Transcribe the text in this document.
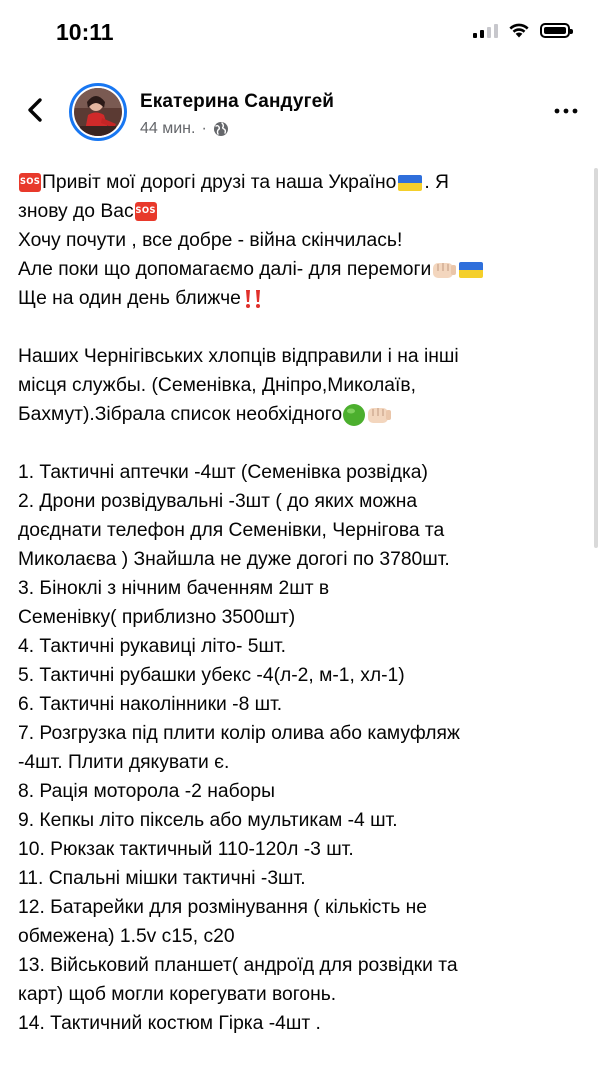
10:11
Екатерина Сандугей
44 мин. ·
SOS Привіт мої дорогі друзі та наша Україно . Я
знову до Вас SOS
Хочу почути , все добре - війна скінчилась!
Але поки що допомагаємо далі- для перемоги
Ще на один день ближче
Наших Чернігівських хлопців відправили і на інші
місця службы. (Семенівка, Дніпро,Миколаїв,
Бахмут).Зібрала список необхідного
1. Тактичні аптечки -4шт (Семенівка розвідка)
2. Дрони розвідувальні -3шт ( до яких можна
доєднати телефон для Семенівки, Чернігова та
Миколаєва ) Знайшла не дуже догогі по 3780шт.
3. Біноклі з нічним баченням 2шт в
Семенівку( приблизно 3500шт)
4. Тактичні рукавиці літо- 5шт.
5. Тактичні рубашки убекс -4(л-2, м-1, хл-1)
6. Тактичні наколінники -8 шт.
7. Розгрузка під плити колір олива або камуфляж
-4шт. Плити дякувати є.
8. Рація моторола -2 наборы
9. Кепкы літо піксель або мультикам -4 шт.
10. Рюкзак тактичный 110-120л -3 шт.
11. Спальні мішки тактичні -3шт.
12. Батарейки для розмінування ( кількість не
обмежена) 1.5v c15, c20
13. Військовий планшет( андроїд для розвідки та
карт) щоб могли корегувати вогонь.
14. Тактичний костюм Гірка -4шт .
